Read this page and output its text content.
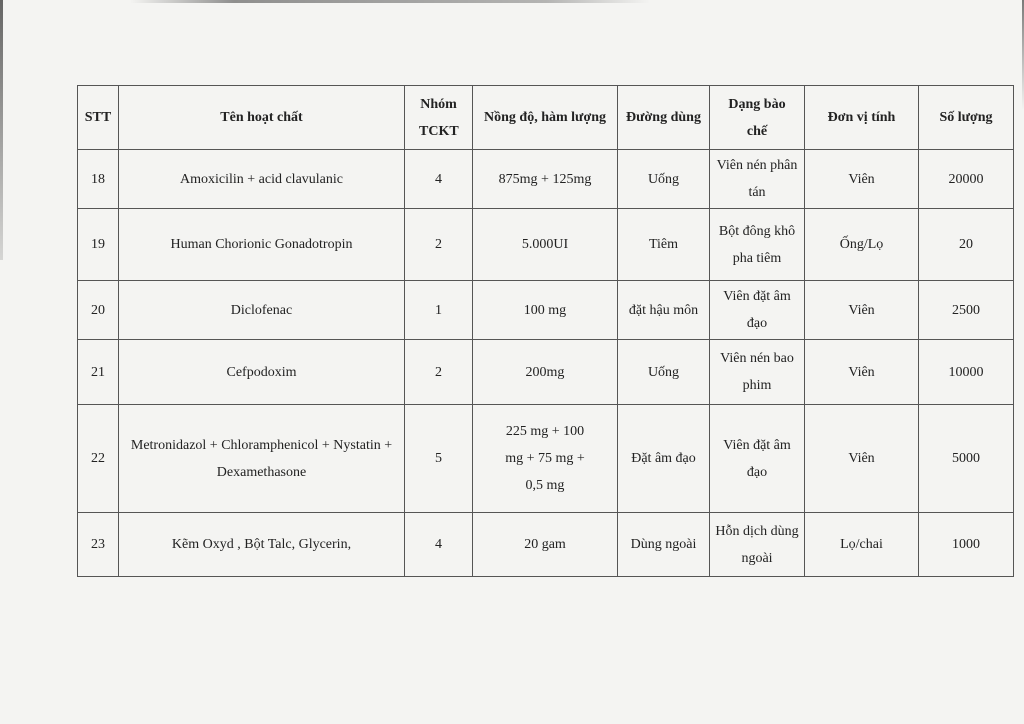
STT	Tên hoạt chất	Nhóm TCKT	Nồng độ, hàm lượng	Đường dùng	Dạng bào chế	Đơn vị tính	Số lượng
18	Amoxicilin + acid clavulanic	4	875mg + 125mg	Uống	Viên nén phân tán	Viên	20000
19	Human Chorionic Gonadotropin	2	5.000UI	Tiêm	Bột đông khô pha tiêm	Ống/Lọ	20
20	Diclofenac	1	100 mg	đặt hậu môn	Viên đặt âm đạo	Viên	2500
21	Cefpodoxim	2	200mg	Uống	Viên nén bao phim	Viên	10000
22	Metronidazol + Chloramphenicol + Nystatin + Dexamethasone	5	225 mg + 100 mg + 75 mg + 0,5 mg	Đặt âm đạo	Viên đặt âm đạo	Viên	5000
23	Kẽm Oxyd , Bột Talc, Glycerin,	4	20 gam	Dùng ngoài	Hỗn dịch dùng ngoài	Lọ/chai	1000
